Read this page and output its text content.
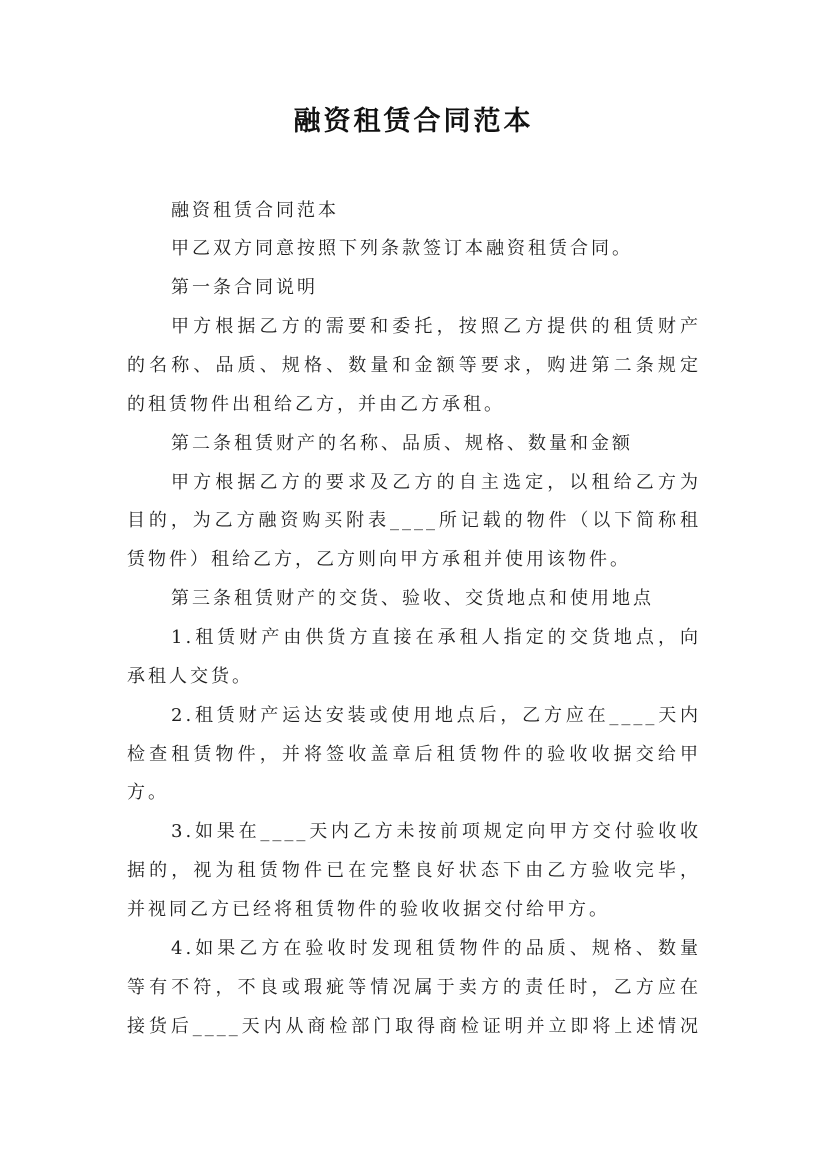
融资租赁合同范本
融资租赁合同范本
甲乙双方同意按照下列条款签订本融资租赁合同。
第一条合同说明
甲方根据乙方的需要和委托，按照乙方提供的租赁财产
的名称、品质、规格、数量和金额等要求，购进第二条规定
的租赁物件出租给乙方，并由乙方承租。
第二条租赁财产的名称、品质、规格、数量和金额
甲方根据乙方的要求及乙方的自主选定，以租给乙方为
目的，为乙方融资购买附表____所记载的物件（以下简称租
赁物件）租给乙方，乙方则向甲方承租并使用该物件。
第三条租赁财产的交货、验收、交货地点和使用地点
1.租赁财产由供货方直接在承租人指定的交货地点，向
承租人交货。
2.租赁财产运达安装或使用地点后，乙方应在____天内
检查租赁物件，并将签收盖章后租赁物件的验收收据交给甲
方。
3.如果在____天内乙方未按前项规定向甲方交付验收收
据的，视为租赁物件已在完整良好状态下由乙方验收完毕，
并视同乙方已经将租赁物件的验收收据交付给甲方。
4.如果乙方在验收时发现租赁物件的品质、规格、数量
等有不符，不良或瑕疵等情况属于卖方的责任时，乙方应在
接货后____天内从商检部门取得商检证明并立即将上述情况
